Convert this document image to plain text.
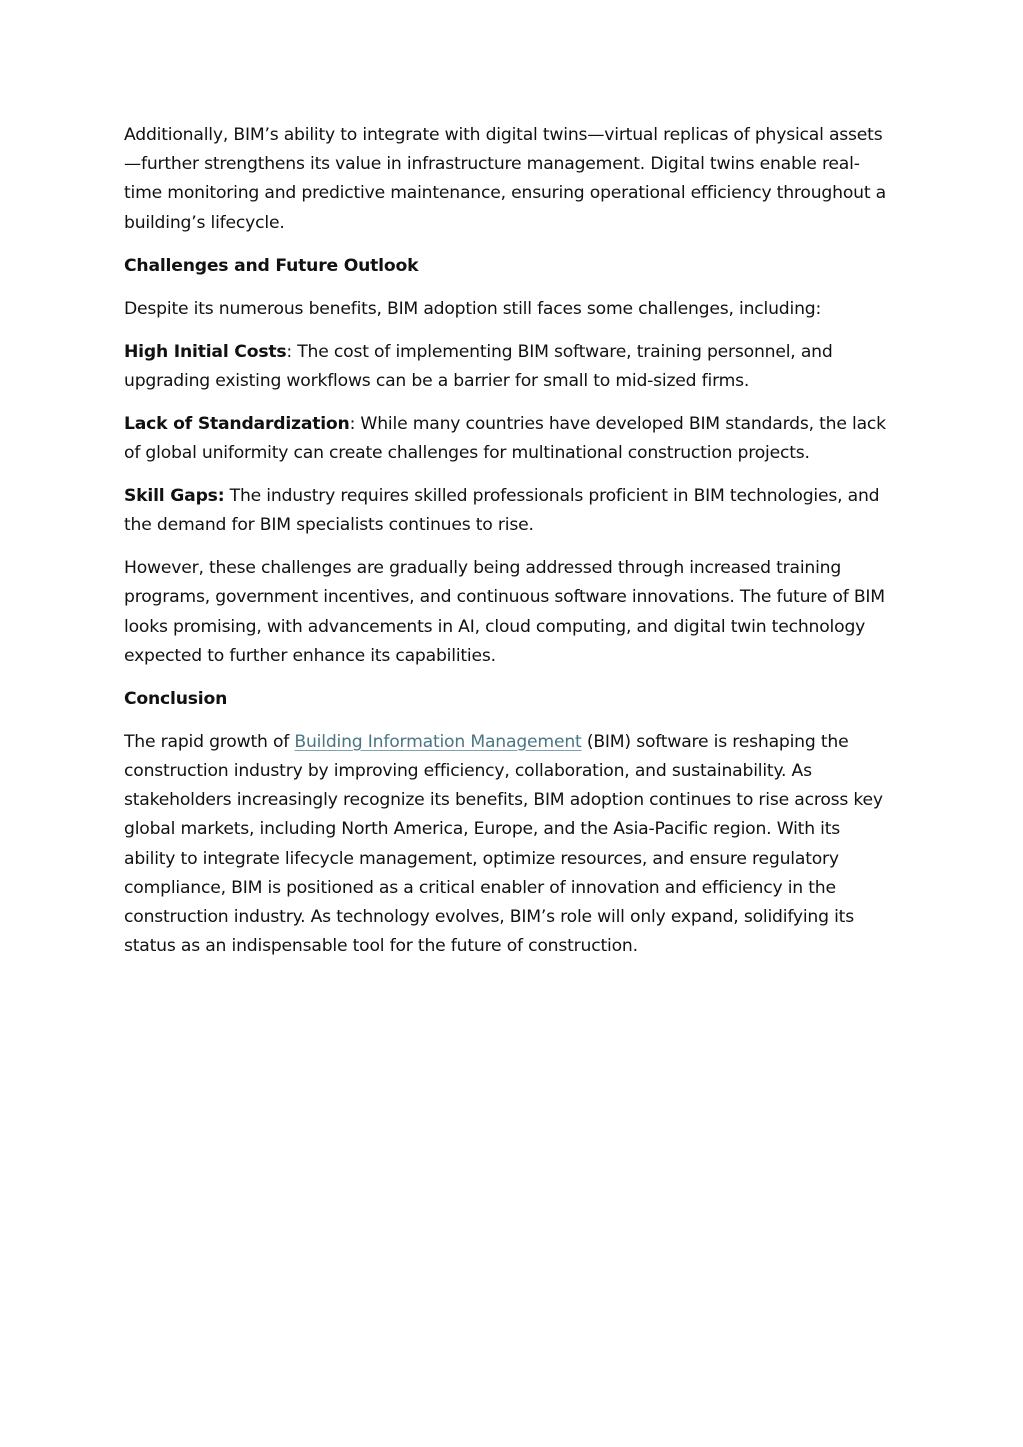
Additionally, BIM’s ability to integrate with digital twins—virtual replicas of physical assets—further strengthens its value in infrastructure management. Digital twins enable real-time monitoring and predictive maintenance, ensuring operational efficiency throughout a building’s lifecycle.

Challenges and Future Outlook

Despite its numerous benefits, BIM adoption still faces some challenges, including:

High Initial Costs: The cost of implementing BIM software, training personnel, and upgrading existing workflows can be a barrier for small to mid-sized firms.

Lack of Standardization: While many countries have developed BIM standards, the lack of global uniformity can create challenges for multinational construction projects.

Skill Gaps: The industry requires skilled professionals proficient in BIM technologies, and the demand for BIM specialists continues to rise.

However, these challenges are gradually being addressed through increased training programs, government incentives, and continuous software innovations. The future of BIM looks promising, with advancements in AI, cloud computing, and digital twin technology expected to further enhance its capabilities.

Conclusion

The rapid growth of Building Information Management (BIM) software is reshaping the construction industry by improving efficiency, collaboration, and sustainability. As stakeholders increasingly recognize its benefits, BIM adoption continues to rise across key global markets, including North America, Europe, and the Asia-Pacific region. With its ability to integrate lifecycle management, optimize resources, and ensure regulatory compliance, BIM is positioned as a critical enabler of innovation and efficiency in the construction industry. As technology evolves, BIM’s role will only expand, solidifying its status as an indispensable tool for the future of construction.
